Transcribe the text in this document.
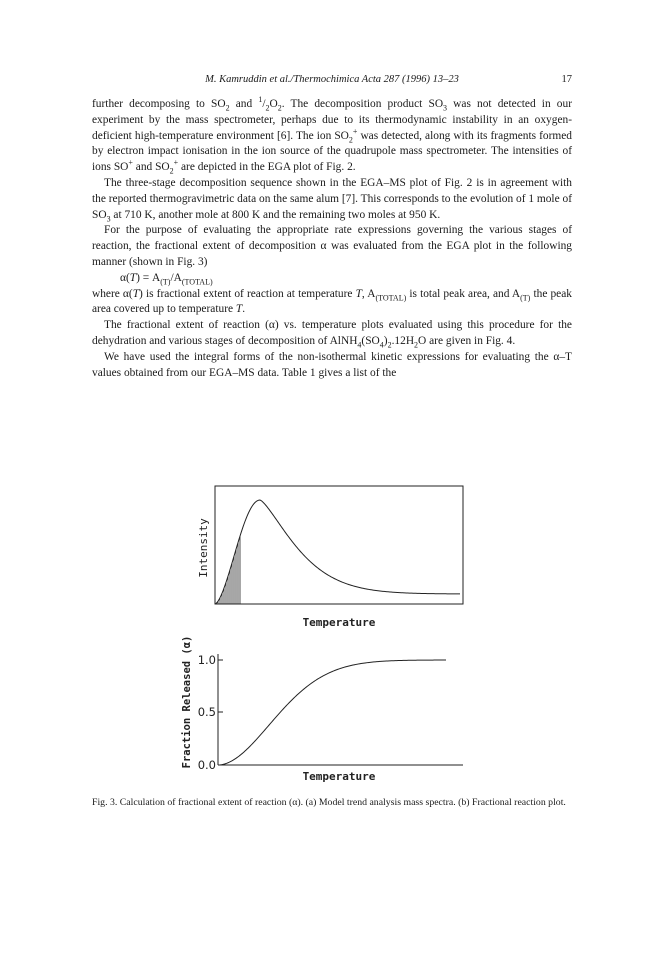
M. Kamruddin et al./Thermochimica Acta 287 (1996) 13–23	17

further decomposing to $SO_2$ and $^1/_2O_2$. The decomposition product $SO_3$ was not detected in our experiment by the mass spectrometer, perhaps due to its thermodynamic instability in an oxygen-deficient high-temperature environment [6]. The ion $SO_2^+$ was detected, along with its fragments formed by electron impact ionisation in the ion source of the quadrupole mass spectrometer. The intensities of ions SO+ and $SO_2^+$ are depicted in the EGA plot of Fig. 2.

The three-stage decomposition sequence shown in the EGA–MS plot of Fig. 2 is in agreement with the reported thermogravimetric data on the same alum [7]. This corresponds to the evolution of 1 mole of $SO_3$ at 710 K, another mole at 800 K and the remaining two moles at 950 K.

For the purpose of evaluating the appropriate rate expressions governing the various stages of reaction, the fractional extent of decomposition α was evaluated from the EGA plot in the following manner (shown in Fig. 3)

$\alpha(T) = A_{(T)}/A_{(TOTAL)}$

where α(T) is fractional extent of reaction at temperature T, $A_{(TOTAL)}$ is total peak area, and $A_{(T)}$ the peak area covered up to temperature T.

The fractional extent of reaction (α) vs. temperature plots evaluated using this procedure for the dehydration and various stages of decomposition of $AlNH_4(SO_4)_2.12H_2O$ are given in Fig. 4.

We have used the integral forms of the non-isothermal kinetic expressions for evaluating the α–T values obtained from our EGA–MS data. Table 1 gives a list of the

Intensity
Temperature
1.0
0.5
0.0
Fraction Released (α)
Temperature
Fig. 3. Calculation of fractional extent of reaction (α). (a) Model trend analysis mass spectra. (b) Fractional reaction plot.
